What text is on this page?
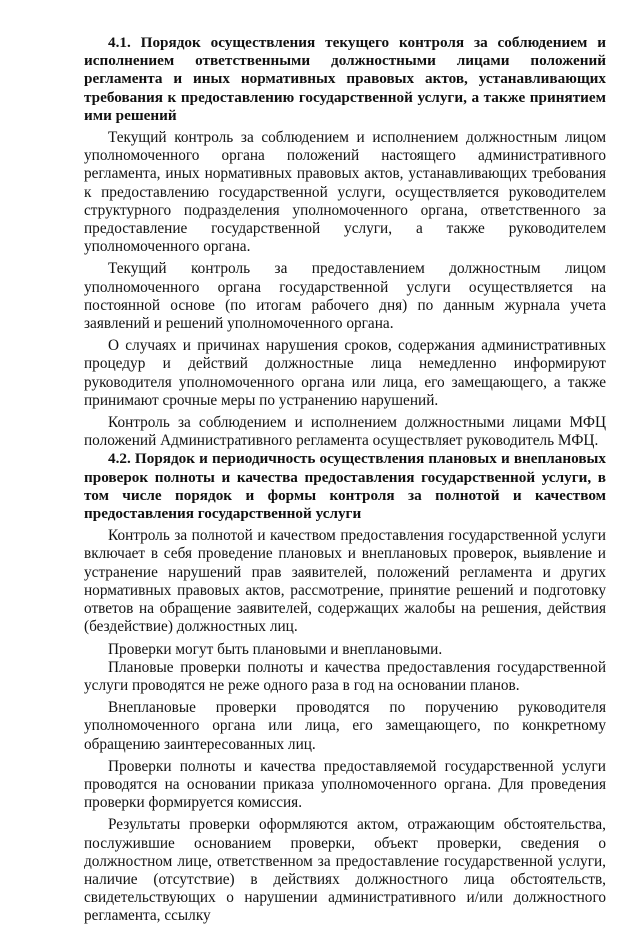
4.1. Порядок осуществления текущего контроля за соблюдением и исполнением ответственными должностными лицами положений регламента и иных нормативных правовых актов, устанавливающих требования к предоставлению государственной услуги, а также принятием ими решений

Текущий контроль за соблюдением и исполнением должностным лицом уполномоченного органа положений настоящего административного регламента, иных нормативных правовых актов, устанавливающих требования к предоставлению государственной услуги, осуществляется руководителем структурного подразделения уполномоченного органа, ответственного за предоставление государственной услуги, а также руководителем уполномоченного органа.

Текущий контроль за предоставлением должностным лицом уполномоченного органа государственной услуги осуществляется на постоянной основе (по итогам рабочего дня) по данным журнала учета заявлений и решений уполномоченного органа.

О случаях и причинах нарушения сроков, содержания административных процедур и действий должностные лица немедленно информируют руководителя уполномоченного органа или лица, его замещающего, а также принимают срочные меры по устранению нарушений.

Контроль за соблюдением и исполнением должностными лицами МФЦ положений Административного регламента осуществляет руководитель МФЦ.

4.2. Порядок и периодичность осуществления плановых и внеплановых проверок полноты и качества предоставления государственной услуги, в том числе порядок и формы контроля за полнотой и качеством предоставления государственной услуги

Контроль за полнотой и качеством предоставления государственной услуги включает в себя проведение плановых и внеплановых проверок, выявление и устранение нарушений прав заявителей, положений регламента и других нормативных правовых актов, рассмотрение, принятие решений и подготовку ответов на обращение заявителей, содержащих жалобы на решения, действия (бездействие) должностных лиц.

Проверки могут быть плановыми и внеплановыми.

Плановые проверки полноты и качества предоставления государственной услуги проводятся не реже одного раза в год на основании планов.

Внеплановые проверки проводятся по поручению руководителя уполномоченного органа или лица, его замещающего, по конкретному обращению заинтересованных лиц.

Проверки полноты и качества предоставляемой государственной услуги проводятся на основании приказа уполномоченного органа. Для проведения проверки формируется комиссия.

Результаты проверки оформляются актом, отражающим обстоятельства, послужившие основанием проверки, объект проверки, сведения о должностном лице, ответственном за предоставление государственной услуги, наличие (отсутствие) в действиях должностного лица обстоятельств, свидетельствующих о нарушении административного и/или должностного регламента, ссылку
